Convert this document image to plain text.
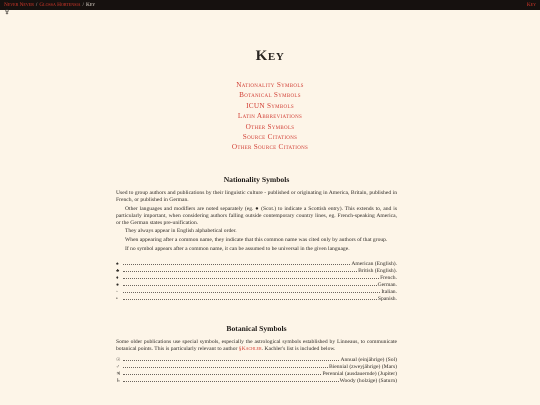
Never Never / Glossa Hortensia / Key	Key
Key
Nationality Symbols
Botanical Symbols
ICUN Symbols
Latin Abbreviations
Other Symbols
Source Citations
Other Source Citations
Nationality Symbols

Used to group authors and publications by their linguistic culture - published or originating in America, Britain, published in French, or published in German.

Other languages and modifiers are noted separately (eg. ● (Scot.) to indicate a Scottish entry). This extends to, and is particularly important, when considering authors falling outside contemporary country lines, eg. French-speaking America, or the German states pre-unification.

They always appear in English alphabetical order.

When appearing after a common name, they indicate that this common name was cited only by authors of that group.

If no symbol appears after a common name, it can be assumed to be universal in the given language.

♠	American (English).
♣	British (English).
♦	French.
●	German.
◦	Italian.
•	Spanish.
Botanical Symbols

Some older publications use special symbols, especially the astrological symbols established by Linneaus, to communicate botanical points. This is particularly relevant to author §Kachler. Kachler's list is included below.

☉	Annual (einjährige) (Sol)
♂	Biennial (zweyjährige) (Mars)
♃	Perennial (ausdauernde) (Jupiter)
♄	Woody (holzige) (Saturn)
